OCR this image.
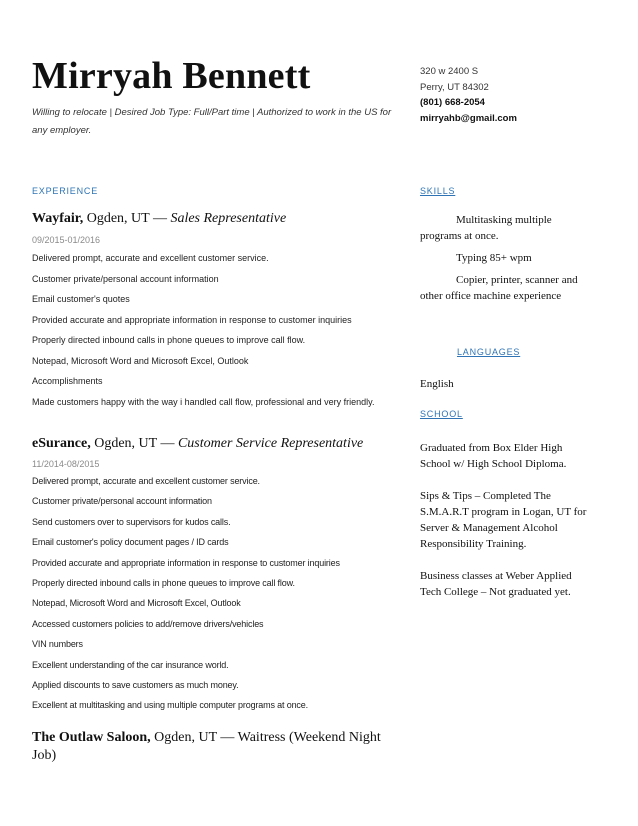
Mirryah Bennett
Willing to relocate | Desired Job Type: Full/Part time | Authorized to work in the US for any employer.
320 w 2400 S
Perry, UT 84302
(801) 668-2054
mirryahb@gmail.com
EXPERIENCE
Wayfair, Ogden, UT — Sales Representative
09/2015-01/2016
Delivered prompt, accurate and excellent customer service.
Customer private/personal account information
Email customer's quotes
Provided accurate and appropriate information in response to customer inquiries
Properly directed inbound calls in phone queues to improve call flow.
Notepad, Microsoft Word and Microsoft Excel, Outlook
Accomplishments
Made customers happy with the way i handled call flow, professional and very friendly.
eSurance, Ogden, UT — Customer Service Representative
11/2014-08/2015
Delivered prompt, accurate and excellent customer service.
Customer private/personal account information
Send customers over to supervisors for kudos calls.
Email customer's policy document pages / ID cards
Provided accurate and appropriate information in response to customer inquiries
Properly directed inbound calls in phone queues to improve call flow.
Notepad, Microsoft Word and Microsoft Excel, Outlook
Accessed customers policies to add/remove drivers/vehicles
VIN numbers
Excellent understanding of the car insurance world.
Applied discounts to save customers as much money.
Excellent at multitasking and using multiple computer programs at once.
The Outlaw Saloon, Ogden, UT — Waitress (Weekend Night Job)
SKILLS

Multitasking multiple programs at once.

Typing 85+ wpm

Copier, printer, scanner and other office machine experience

LANGUAGES
English
SCHOOL

Graduated from Box Elder High School w/ High School Diploma.

Sips & Tips – Completed The S.M.A.R.T program in Logan, UT for Server & Management Alcohol Responsibility Training.

Business classes at Weber Applied Tech College – Not graduated yet.
